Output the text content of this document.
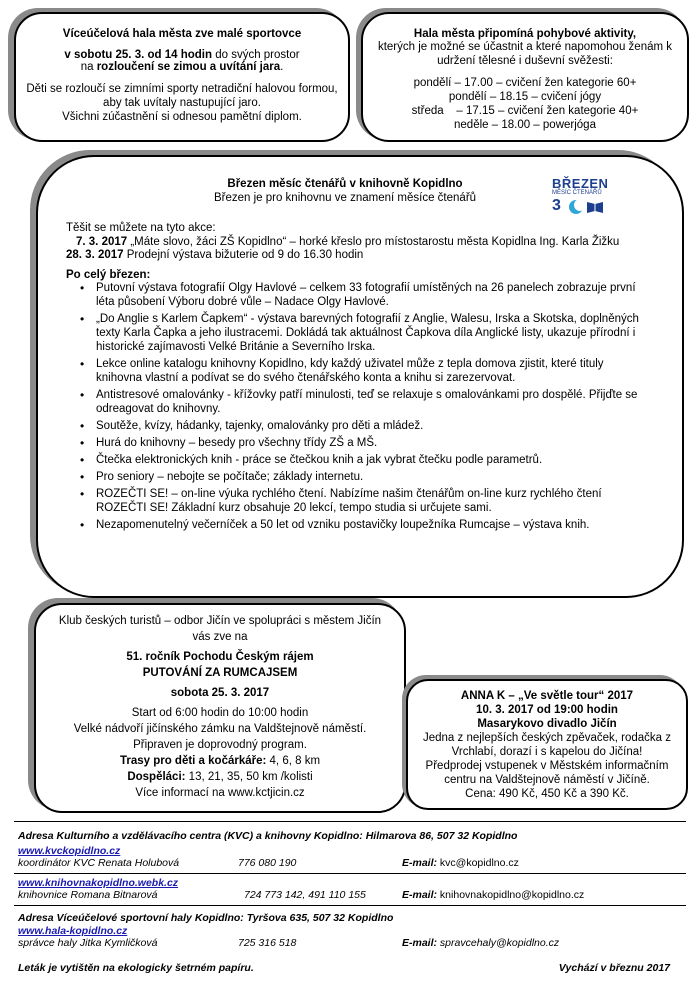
Víceúčelová hala města zve malé sportovce

v sobotu 25. 3. od 14 hodin do svých prostor

na rozloučení se zimou a uvítání jara.

Děti se rozloučí se zimními sporty netradiční halovou formou, aby tak uvítaly nastupující jaro.

Všichni zúčastnění si odnesou pamětní diplom.

Hala města připomíná pohybové aktivity,

kterých je možné se účastnit a které napomohou ženám k udržení tělesné i duševní svěžesti:

pondělí – 17.00 – cvičení žen kategorie 60+

pondělí – 18.15 – cvičení jógy

středa    – 17.15 – cvičení žen kategorie 40+

neděle – 18.00 – powerjóga

Březen měsíc čtenářů v knihovně Kopidlno

Březen je pro knihovnu ve znamení měsíce čtenářů

BŘEZEN
MĚSÍC ČTENÁŘŮ
3

Těšit se můžete na tyto akce:

7. 3. 2017 „Máte slovo, žáci ZŠ Kopidlno“ – horké křeslo pro místostarostu města Kopidlna Ing. Karla Žižku

28. 3. 2017 Prodejní výstava bižuterie od 9 do 16.30 hodin

Po celý březen:

• Putovní výstava fotografií Olgy Havlové – celkem 33 fotografií umístěných na 26 panelech zobrazuje první léta působení Výboru dobré vůle – Nadace Olgy Havlové.
• „Do Anglie s Karlem Čapkem“ - výstava barevných fotografií z Anglie, Walesu, Irska a Skotska, doplněných texty Karla Čapka a jeho ilustracemi. Dokládá tak aktuálnost Čapkova díla Anglické listy, ukazuje přírodní i historické zajímavosti Velké Británie a Severního Irska.
• Lekce online katalogu knihovny Kopidlno, kdy každý uživatel může z tepla domova zjistit, které tituly knihovna vlastní a podívat se do svého čtenářského konta a knihu si zarezervovat.
• Antistresové omalovánky - křížovky patří minulosti, teď se relaxuje s omalovánkami pro dospělé. Přijďte se odreagovat do knihovny.
• Soutěže, kvízy, hádanky, tajenky, omalovánky pro děti a mládež.
• Hurá do knihovny – besedy pro všechny třídy ZŠ a MŠ.
• Čtečka elektronických knih - práce se čtečkou knih a jak vybrat čtečku podle parametrů.
• Pro seniory – nebojte se počítače; základy internetu.
• ROZEČTI SE! – on-line výuka rychlého čtení. Nabízíme našim čtenářům on-line kurz rychlého čtení ROZEČTI SE! Základní kurz obsahuje 20 lekcí, tempo studia si určujete sami.
• Nezapomenutelný večerníček a 50 let od vzniku postavičky loupežníka Rumcajse – výstava knih.

Klub českých turistů – odbor Jičín ve spolupráci s městem Jičín

vás zve na

51. ročník Pochodu Českým rájem

PUTOVÁNÍ ZA RUMCAJSEM

sobota 25. 3. 2017

Start od 6:00 hodin do 10:00 hodin

Velké nádvoří jičínského zámku na Valdštejnově náměstí.

Připraven je doprovodný program.

Trasy pro děti a kočárkáře: 4, 6, 8 km

Dospěláci: 13, 21, 35, 50 km /kolisti

Více informací na www.kctjicin.cz

ANNA K – „Ve světle tour“ 2017

10. 3. 2017 od 19:00 hodin

Masarykovo divadlo Jičín

Jedna z nejlepších českých zpěvaček, rodačka z Vrchlabí, dorazí i s kapelou do Jičína!

Předprodej vstupenek v Městském informačním centru na Valdštejnově náměstí v Jičíně.

Cena: 490 Kč, 450 Kč a 390 Kč.

Adresa Kulturního a vzdělávacího centra (KVC) a knihovny Kopidlno: Hilmarova 86, 507 32 Kopidlno
www.kvckopidlno.cz
koordinátor KVC Renata Holubová	776 080 190	E-mail: kvc@kopidlno.cz
www.knihovnakopidlno.webk.cz
knihovnice Romana Bitnarová	724 773 142, 491 110 155	E-mail: knihovnakopidlno@kopidlno.cz
Adresa Víceúčelové sportovní haly Kopidlno: Tyršova 635, 507 32 Kopidlno
www.hala-kopidlno.cz
správce haly Jitka Kymličková	725 316 518	E-mail: spravcehaly@kopidlno.cz
Leták je vytištěn na ekologicky šetrném papíru.	Vychází v březnu 2017
